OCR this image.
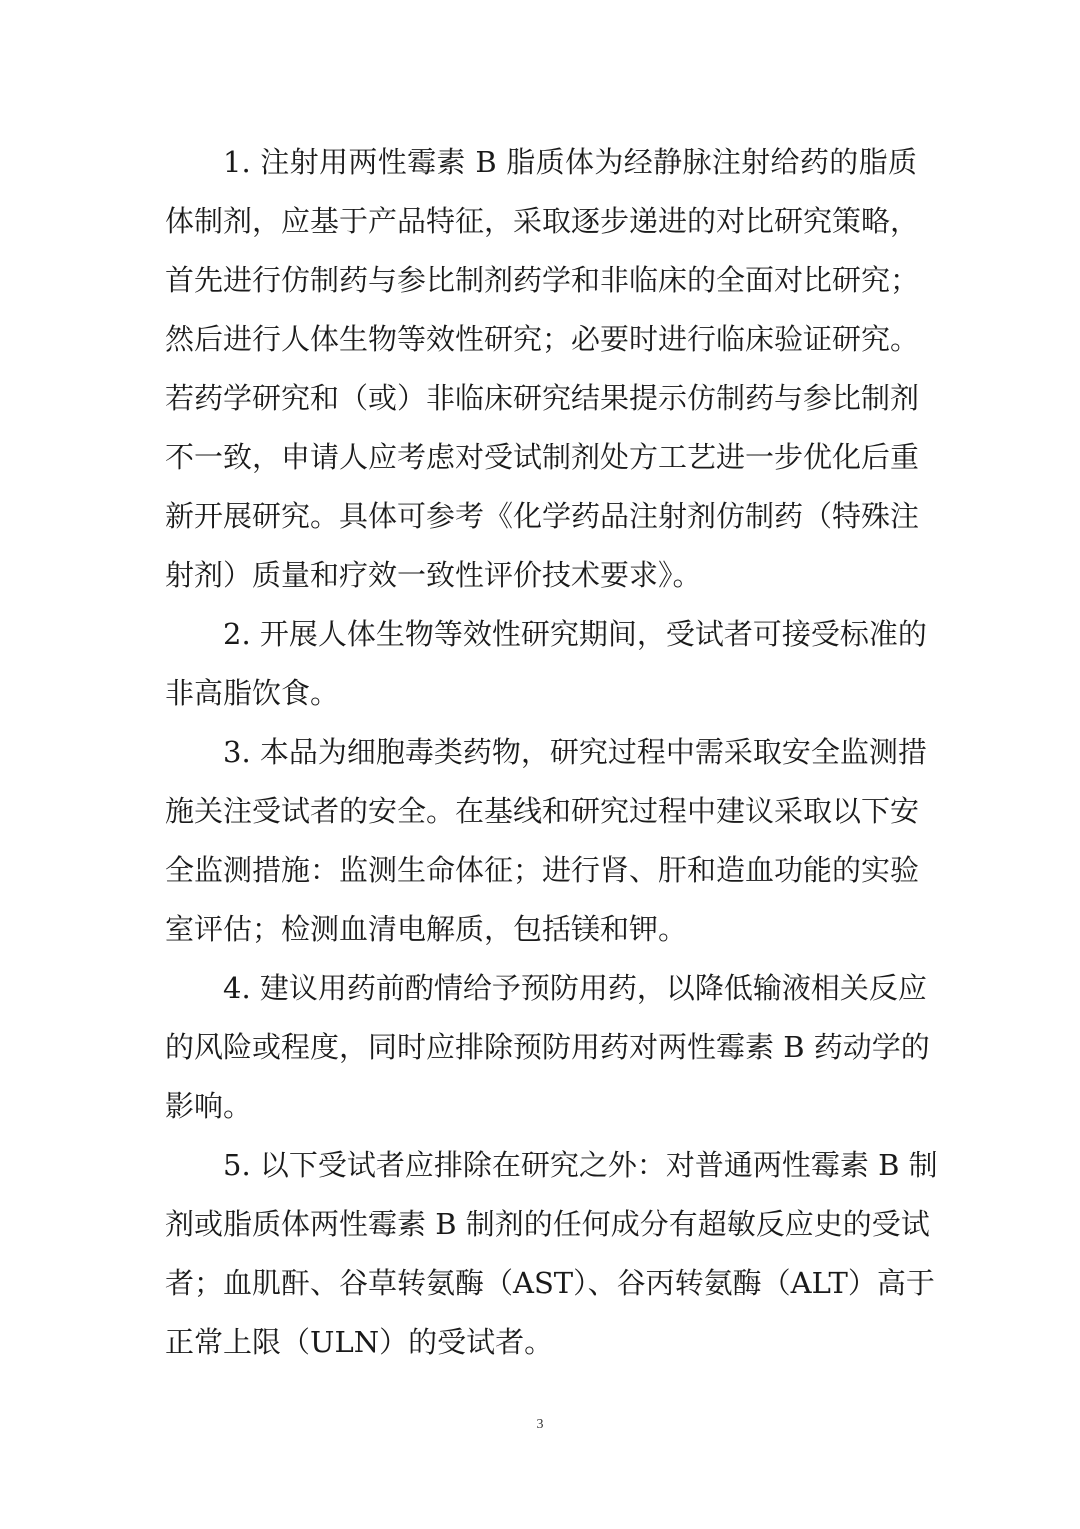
1. 注射用两性霉素 B 脂质体为经静脉注射给药的脂质
体制剂，应基于产品特征，采取逐步递进的对比研究策略，
首先进行仿制药与参比制剂药学和非临床的全面对比研究；
然后进行人体生物等效性研究；必要时进行临床验证研究。
若药学研究和（或）非临床研究结果提示仿制药与参比制剂
不一致，申请人应考虑对受试制剂处方工艺进一步优化后重
新开展研究。具体可参考《化学药品注射剂仿制药（特殊注
射剂）质量和疗效一致性评价技术要求》。
2. 开展人体生物等效性研究期间，受试者可接受标准的
非高脂饮食。
3. 本品为细胞毒类药物，研究过程中需采取安全监测措
施关注受试者的安全。在基线和研究过程中建议采取以下安
全监测措施：监测生命体征；进行肾、肝和造血功能的实验
室评估；检测血清电解质，包括镁和钾。
4. 建议用药前酌情给予预防用药，以降低输液相关反应
的风险或程度，同时应排除预防用药对两性霉素 B 药动学的
影响。
5. 以下受试者应排除在研究之外：对普通两性霉素 B 制
剂或脂质体两性霉素 B 制剂的任何成分有超敏反应史的受试
者；血肌酐、谷草转氨酶（AST）、谷丙转氨酶（ALT）高于
正常上限（ULN）的受试者。
3
